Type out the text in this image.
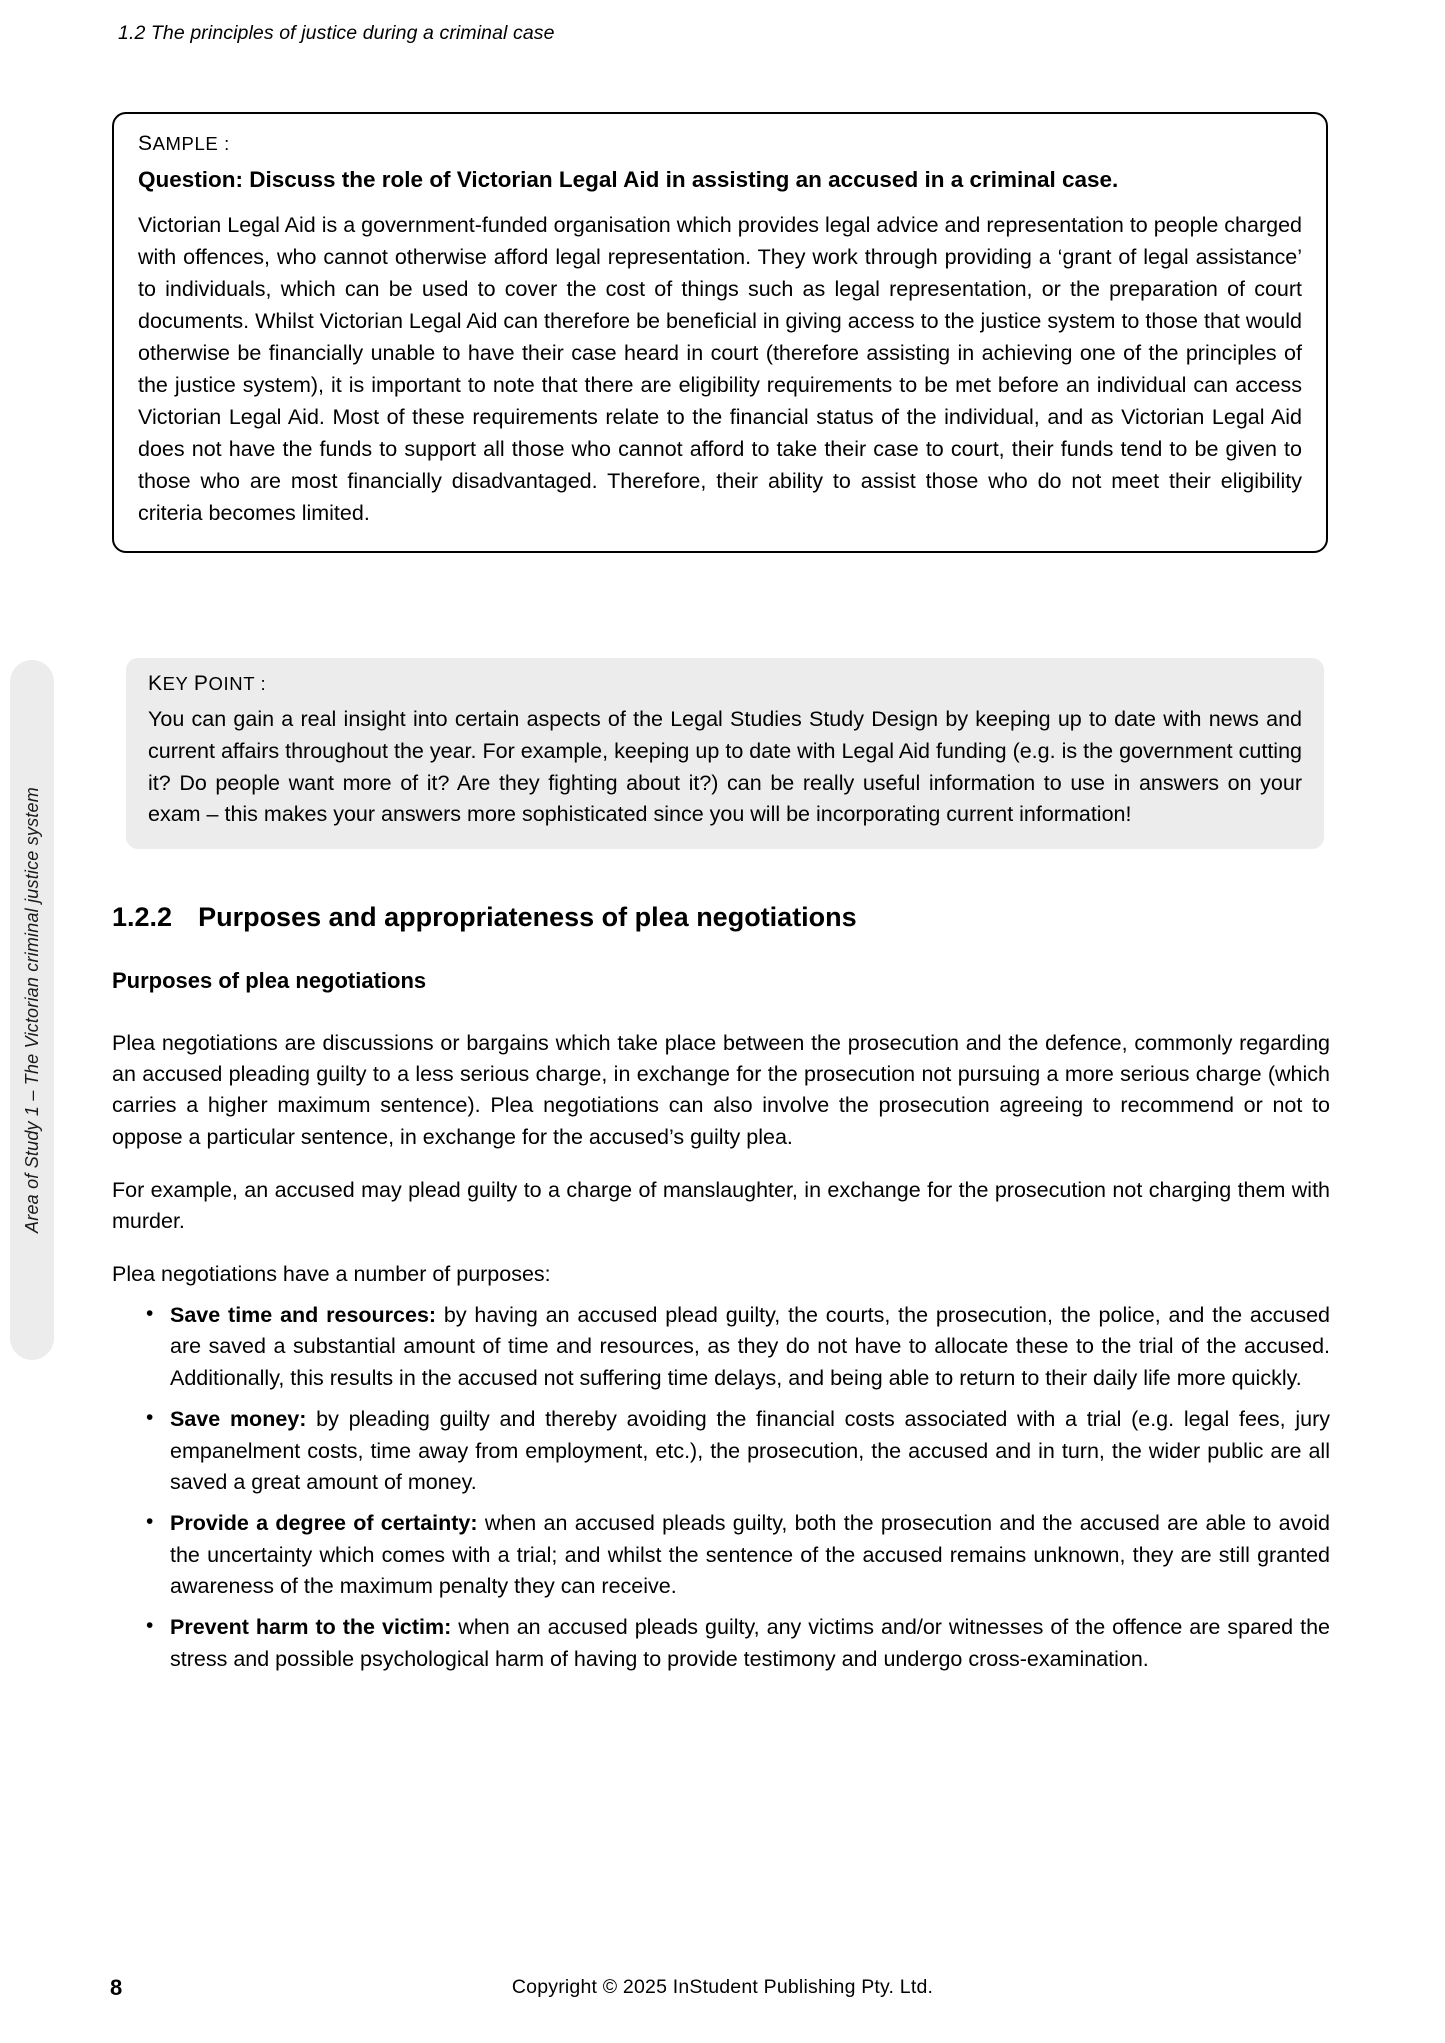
1.2 The principles of justice during a criminal case
Area of Study 1 – The Victorian criminal justice system
SAMPLE :
Question: Discuss the role of Victorian Legal Aid in assisting an accused in a criminal case.
Victorian Legal Aid is a government-funded organisation which provides legal advice and representation to people charged with offences, who cannot otherwise afford legal representation. They work through providing a ‘grant of legal assistance’ to individuals, which can be used to cover the cost of things such as legal representation, or the preparation of court documents. Whilst Victorian Legal Aid can therefore be beneficial in giving access to the justice system to those that would otherwise be financially unable to have their case heard in court (therefore assisting in achieving one of the principles of the justice system), it is important to note that there are eligibility requirements to be met before an individual can access Victorian Legal Aid. Most of these requirements relate to the financial status of the individual, and as Victorian Legal Aid does not have the funds to support all those who cannot afford to take their case to court, their funds tend to be given to those who are most financially disadvantaged. Therefore, their ability to assist those who do not meet their eligibility criteria becomes limited.
KEY POINT :
You can gain a real insight into certain aspects of the Legal Studies Study Design by keeping up to date with news and current affairs throughout the year. For example, keeping up to date with Legal Aid funding (e.g. is the government cutting it? Do people want more of it? Are they fighting about it?) can be really useful information to use in answers on your exam – this makes your answers more sophisticated since you will be incorporating current information!
1.2.2 Purposes and appropriateness of plea negotiations
Purposes of plea negotiations

Plea negotiations are discussions or bargains which take place between the prosecution and the defence, commonly regarding an accused pleading guilty to a less serious charge, in exchange for the prosecution not pursuing a more serious charge (which carries a higher maximum sentence). Plea negotiations can also involve the prosecution agreeing to recommend or not to oppose a particular sentence, in exchange for the accused’s guilty plea.

For example, an accused may plead guilty to a charge of manslaughter, in exchange for the prosecution not charging them with murder.

Plea negotiations have a number of purposes:

• Save time and resources: by having an accused plead guilty, the courts, the prosecution, the police, and the accused are saved a substantial amount of time and resources, as they do not have to allocate these to the trial of the accused. Additionally, this results in the accused not suffering time delays, and being able to return to their daily life more quickly.
• Save money: by pleading guilty and thereby avoiding the financial costs associated with a trial (e.g. legal fees, jury empanelment costs, time away from employment, etc.), the prosecution, the accused and in turn, the wider public are all saved a great amount of money.
• Provide a degree of certainty: when an accused pleads guilty, both the prosecution and the accused are able to avoid the uncertainty which comes with a trial; and whilst the sentence of the accused remains unknown, they are still granted awareness of the maximum penalty they can receive.
• Prevent harm to the victim: when an accused pleads guilty, any victims and/or witnesses of the offence are spared the stress and possible psychological harm of having to provide testimony and undergo cross-examination.
8	Copyright © 2025 InStudent Publishing Pty. Ltd.
